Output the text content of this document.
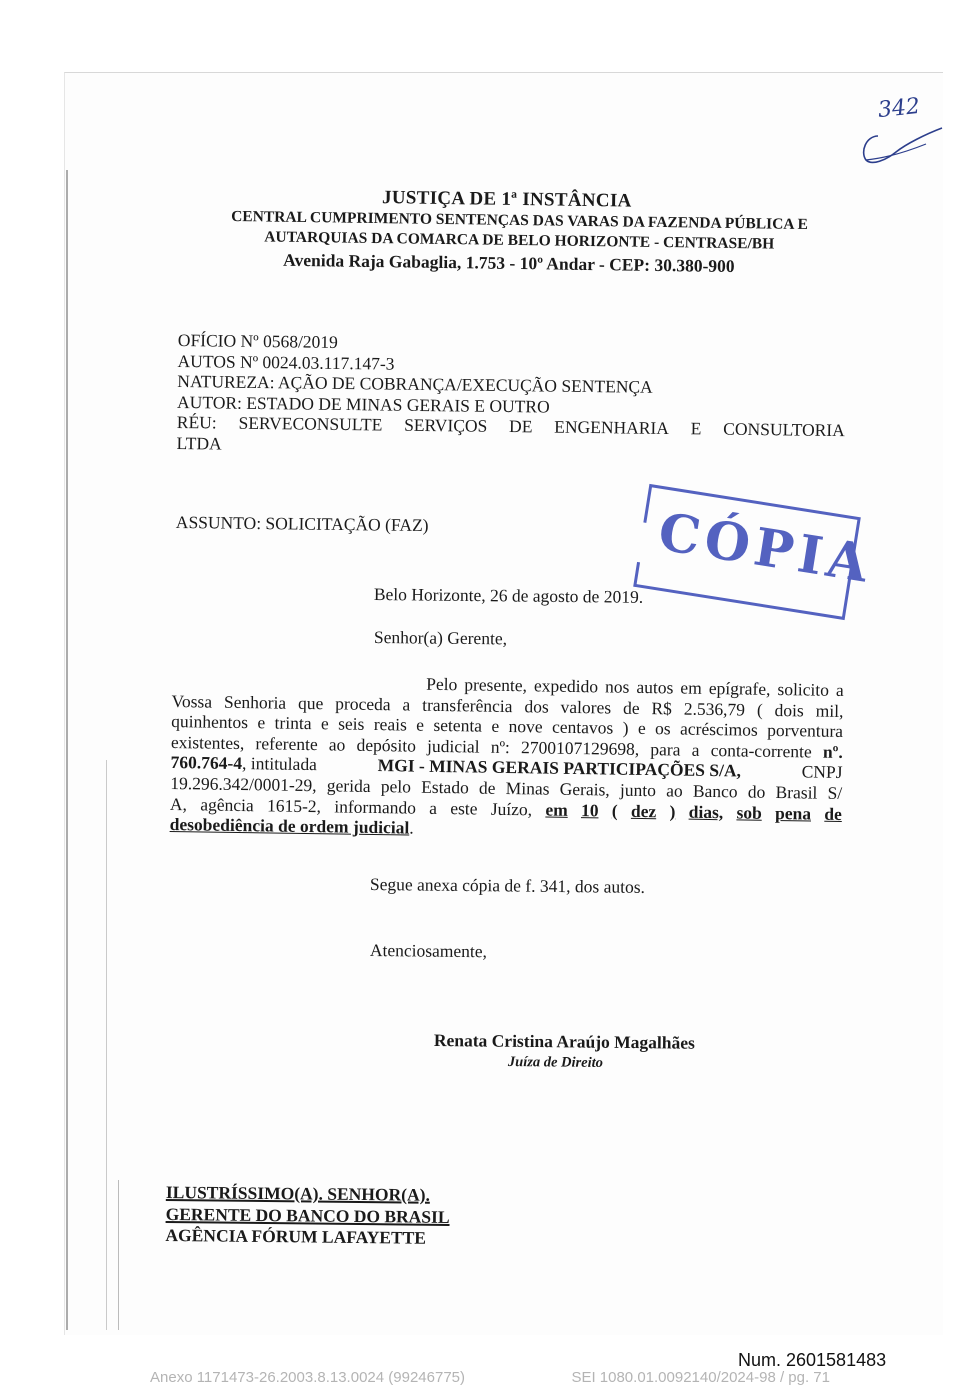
342
JUSTIÇA DE 1ª INSTÂNCIA
CENTRAL CUMPRIMENTO SENTENÇAS DAS VARAS DA FAZENDA PÚBLICA E
AUTARQUIAS DA COMARCA DE BELO HORIZONTE - CENTRASE/BH
Avenida Raja Gabaglia, 1.753 - 10º Andar - CEP: 30.380-900
OFÍCIO Nº 0568/2019
AUTOS Nº 0024.03.117.147-3
NATUREZA: AÇÃO DE COBRANÇA/EXECUÇÃO SENTENÇA
AUTOR: ESTADO DE MINAS GERAIS E OUTRO
RÉU: SERVECONSULTE SERVIÇOS DE ENGENHARIA E CONSULTORIA
LTDA
ASSUNTO: SOLICITAÇÃO (FAZ)	CÓPIA
Belo Horizonte, 26 de agosto de 2019.
Senhor(a) Gerente,
Pelo presente, expedido nos autos em epígrafe, solicito a
Vossa Senhoria que proceda a transferência dos valores de R$ 2.536,79 ( dois mil,
quinhentos e trinta e seis reais e setenta e nove centavos ) e os acréscimos porventura
existentes, referente ao depósito judicial nº: 2700107129698, para a conta-corrente nº.
760.764-4, intitulada	MGI - MINAS GERAIS PARTICIPAÇÕES S/A,	CNPJ
19.296.342/0001-29, gerida pelo Estado de Minas Gerais, junto ao Banco do Brasil S/
A, agência 1615-2, informando a este Juízo, em 10 ( dez ) dias, sob pena de
desobediência de ordem judicial .
Segue anexa cópia de f. 341, dos autos.
Atenciosamente,
Renata Cristina Araújo Magalhães
Juíza de Direito
ILUSTRÍSSIMO(A). SENHOR(A).
GERENTE DO BANCO DO BRASIL
AGÊNCIA FÓRUM LAFAYETTE
Num. 2601581483
Anexo 1171473-26.2003.8.13.0024 (99246775)	SEI 1080.01.0092140/2024-98 / pg. 71
